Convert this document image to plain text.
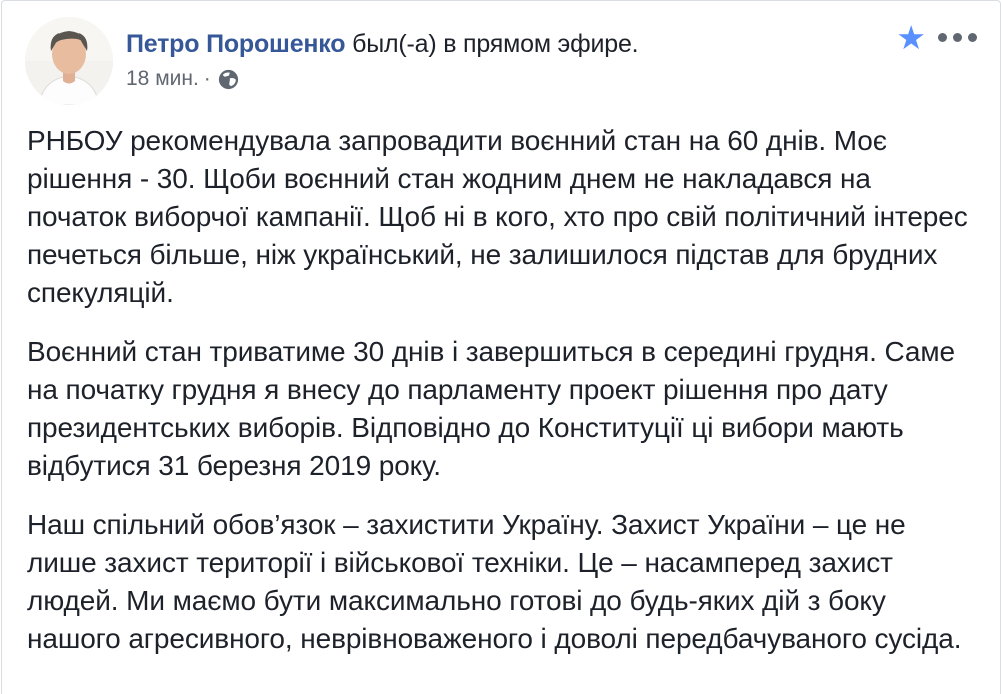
Петро Порошенко был(-а) в прямом эфире.
18 мин. ·
★

РНБОУ рекомендувала запровадити воєнний стан на 60 днів. Моє рішення - 30. Щоби воєнний стан жодним днем не накладався на початок виборчої кампанії. Щоб ні в кого, хто про свій політичний інтерес печеться більше, ніж український, не залишилося підстав для брудних спекуляцій.

Воєнний стан триватиме 30 днів і завершиться в середині грудня. Саме на початку грудня я внесу до парламенту проект рішення про дату президентських виборів. Відповідно до Конституції ці вибори мають відбутися 31 березня 2019 року.

Наш спільний обов’язок – захистити Україну. Захист України – це не лише захист території і військової техніки. Це – насамперед захист людей. Ми маємо бути максимально готові до будь-яких дій з боку нашого агресивного, неврівноваженого і доволі передбачуваного сусіда.
